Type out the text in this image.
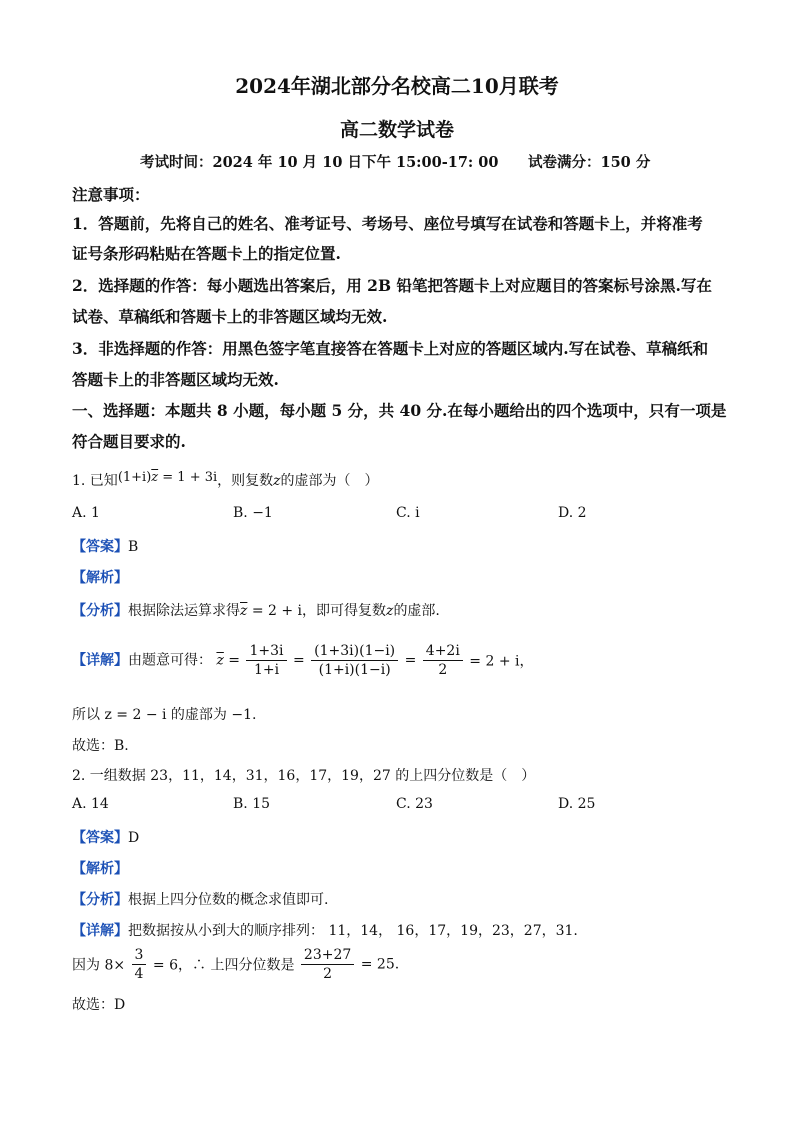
2024年湖北部分名校高二10月联考
高二数学试卷
考试时间：2024 年 10 月 10 日下午 15:00-17: 00 试卷满分：150 分
注意事项：
1．答题前，先将自己的姓名、准考证号、考场号、座位号填写在试卷和答题卡上，并将准考
证号条形码粘贴在答题卡上的指定位置.
2．选择题的作答：每小题选出答案后，用 2B 铅笔把答题卡上对应题目的答案标号涂黑.写在
试卷、草稿纸和答题卡上的非答题区域均无效.
3．非选择题的作答：用黑色签字笔直接答在答题卡上对应的答题区域内.写在试卷、草稿纸和
答题卡上的非答题区域均无效.
一、选择题：本题共 8 小题，每小题 5 分，共 40 分.在每小题给出的四个选项中，只有一项是
符合题目要求的.
1. 已知$(1+i)\overline{z} = 1 + 3i$，则复数z的虚部为（　）
A. 1	B. −1	C. i	D. 2
【答案】B
【解析】
【分析】根据除法运算求得$\overline{z} = 2 + i$，即可得复数z的虚部.
【详解】由题意可得： $\overline{z} = \frac{1+3i}{1+i} = \frac{(1+3i)(1-i)}{(1+i)(1-i)} = \frac{4+2i}{2} = 2 + i$，
所以 z = 2 − i 的虚部为 −1.
故选：B.
2. 一组数据 23，11，14，31，16，17，19，27 的上四分位数是（　）
A. 14	B. 15	C. 23	D. 25
【答案】D
【解析】
【分析】根据上四分位数的概念求值即可.
【详解】把数据按从小到大的顺序排列： 11，14， 16，17，19，23，27，31.
因为 $8\times \frac{3}{4} = 6$，∴ 上四分位数是 $\frac{23+27}{2} = 25$.
故选：D
